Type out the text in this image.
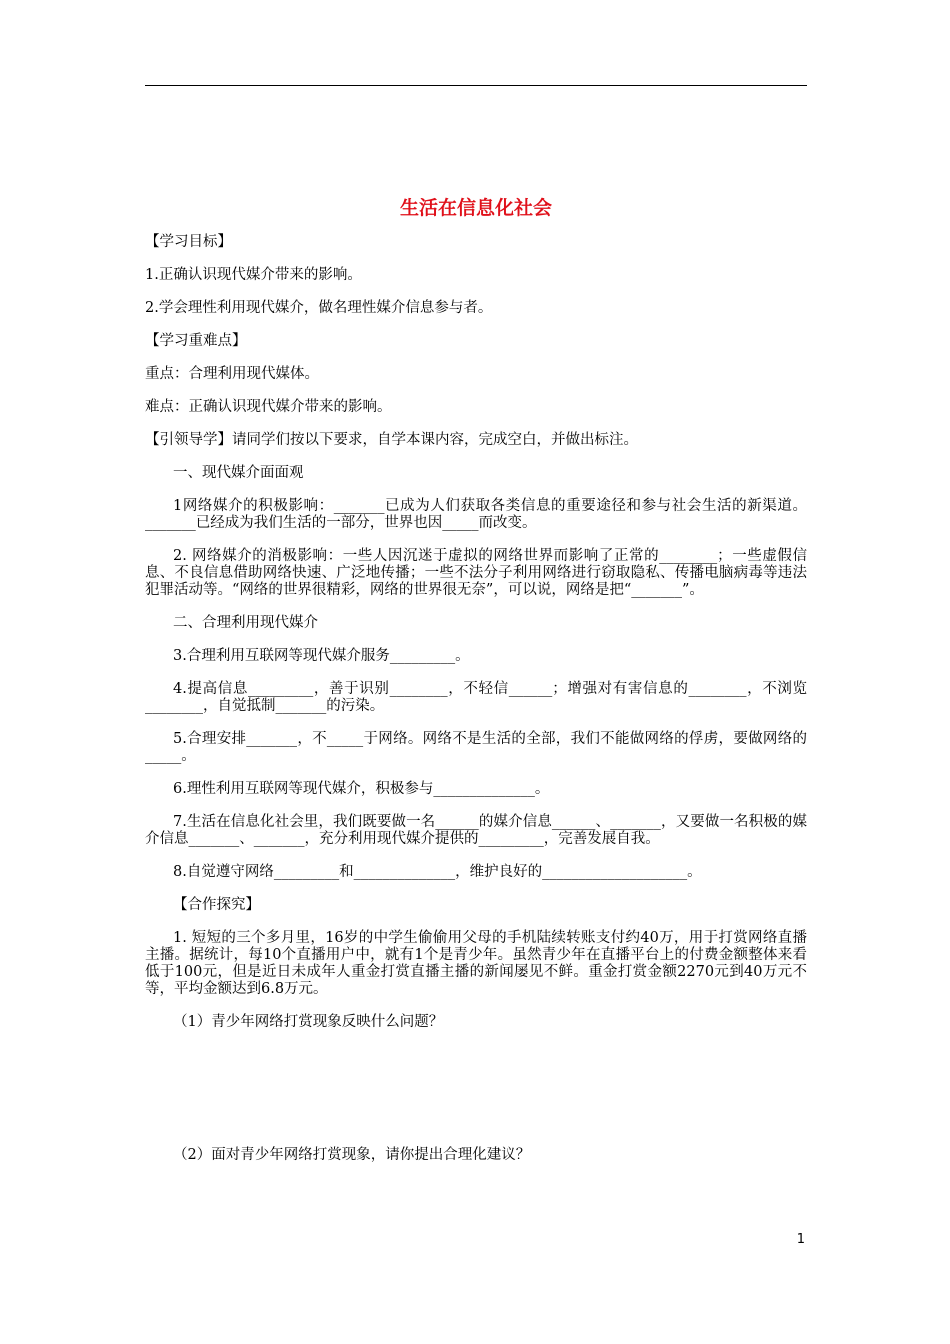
生活在信息化社会

【学习目标】

1.正确认识现代媒介带来的影响。

2.学会理性利用现代媒介，做名理性媒介信息参与者。

【学习重难点】

重点：合理利用现代媒体。

难点：正确认识现代媒介带来的影响。

【引领导学】请同学们按以下要求，自学本课内容，完成空白，并做出标注。

一、现代媒介面面观

1网络媒介的积极影响：_______已成为人们获取各类信息的重要途径和参与社会生活的新渠道。_______已经成为我们生活的一部分，世界也因_____而改变。

2. 网络媒介的消极影响：一些人因沉迷于虚拟的网络世界而影响了正常的________；一些虚假信息、不良信息借助网络快速、广泛地传播；一些不法分子利用网络进行窃取隐私、传播电脑病毒等违法犯罪活动等。“网络的世界很精彩，网络的世界很无奈”，可以说，网络是把“_______”。

二、合理利用现代媒介

3.合理利用互联网等现代媒介服务_________。

4.提高信息_________，善于识别________，不轻信______；增强对有害信息的________，不浏览________，自觉抵制_______的污染。

5.合理安排_______，不_____于网络。网络不是生活的全部，我们不能做网络的俘虏，要做网络的_____。

6.理性利用互联网等现代媒介，积极参与______________。

7.生活在信息化社会里，我们既要做一名______的媒介信息______、_______，又要做一名积极的媒介信息_______、_______，充分利用现代媒介提供的_________，完善发展自我。

8.自觉遵守网络_________和______________，维护良好的____________________。

【合作探究】

1. 短短的三个多月里，16岁的中学生偷偷用父母的手机陆续转账支付约40万，用于打赏网络直播主播。据统计，每10个直播用户中，就有1个是青少年。虽然青少年在直播平台上的付费金额整体来看低于100元，但是近日未成年人重金打赏直播主播的新闻屡见不鲜。重金打赏金额2270元到40万元不等，平均金额达到6.8万元。

（1）青少年网络打赏现象反映什么问题？

（2）面对青少年网络打赏现象，请你提出合理化建议？

1
